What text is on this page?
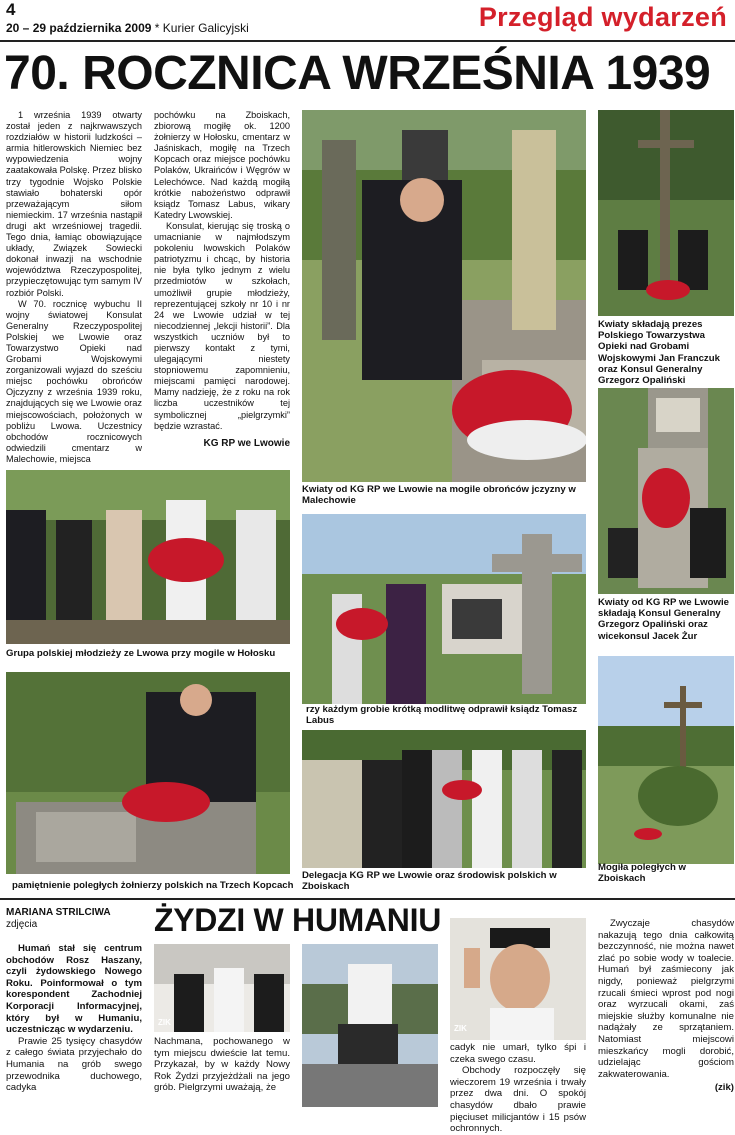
4
20 – 29 października 2009 * Kurier Galicyjski	Przegląd wydarzeń
70. ROCZNICA WRZEŚNIA 1939

1 września 1939 otwarty został jeden z najkrwawszych rozdziałów w historii ludzkości – armia hitlerowskich Niemiec bez wypowiedzenia wojny zaatakowała Polskę. Przez blisko trzy tygodnie Wojsko Polskie stawiało bohaterski opór przeważającym siłom niemieckim. 17 września nastąpił drugi akt wrześniowej tragedii. Tego dnia, łamiąc obowiązujące układy, Związek Sowiecki dokonał inwazji na wschodnie województwa Rzeczypospolitej, przypieczętowując tym samym IV rozbiór Polski.

W 70. rocznicę wybuchu II wojny światowej Konsulat Generalny Rzeczypospolitej Polskiej we Lwowie oraz Towarzystwo Opieki nad Grobami Wojskowymi zorganizowali wyjazd do sześciu miejsc pochówku obrońców Ojczyzny z września 1939 roku, znajdujących się we Lwowie oraz miejscowościach, położonych w pobliżu Lwowa. Uczestnicy obchodów rocznicowych odwiedzili cmentarz w Malechowie, miejsca

pochówku na Zboiskach, zbiorową mogiłę ok. 1200 żołnierzy w Hołosku, cmentarz w Jaśniskach, mogiłę na Trzech Kopcach oraz miejsce pochówku Polaków, Ukraińców i Węgrów w Lelechówce. Nad każdą mogiłą krótkie nabożeństwo odprawił ksiądz Tomasz Labus, wikary Katedry Lwowskiej.

Konsulat, kierując się troską o umacnianie w najmłodszym pokoleniu lwowskich Polaków patriotyzmu i chcąc, by historia nie była tylko jednym z wielu przedmiotów w szkołach, umożliwił grupie młodzieży, reprezentującej szkoły nr 10 i nr 24 we Lwowie udział w tej niecodziennej „lekcji historii”. Dla wszystkich uczniów był to pierwszy kontakt z tymi, ulegającymi niestety stopniowemu zapomnieniu, miejscami pamięci narodowej. Mamy nadzieję, że z roku na rok liczba uczestników tej symbolicznej „pielgrzymki” będzie wzrastać.

KG RP we Lwowie
Kwiaty od KG RP we Lwowie na mogile obrońców jczyzny w Malechowie
Kwiaty składają prezes Polskiego Towarzystwa Opieki nad Grobami Wojskowymi Jan Franczuk oraz Konsul Generalny Grzegorz Opaliński
Kwiaty od KG RP we Lwowie składają Konsul Generalny Grzegorz Opaliński oraz wicekonsul Jacek Żur
Grupa polskiej młodzieży ze Lwowa przy mogile w Hołosku
rzy każdym grobie krótką modlitwę odprawił ksiądz Tomasz Labus
Mogiła poległych w Zboiskach
pamiętnienie poległych żołnierzy polskich na Trzech Kopcach
Delegacja KG RP we Lwowie oraz środowisk polskich w Zboiskach
MARIANA STRILCIWA
zdjęcia	ŻYDZI W HUMANIU

Humań stał się centrum obchodów Rosz Haszany, czyli żydowskiego Nowego Roku. Poinformował o tym korespondent Zachodniej Korporacji Informacyjnej, który był w Humaniu, uczestnicząc w wydarzeniu.

Prawie 25 tysięcy chasydów z całego świata przyjechało do Humania na grób swego przewodnika duchowego, cadyka

ZIK

Nachmana, pochowanego w tym miejscu dwieście lat temu. Przykazał, by w każdy Nowy Rok Żydzi przyjeżdżali na jego grób. Pielgrzymi uważają, że

ZIK

cadyk nie umarł, tylko śpi i czeka swego czasu.

Obchody rozpoczęły się wieczorem 19 września i trwały przez dwa dni. O spokój chasydów dbało prawie pięciuset milicjantów i 15 psów ochronnych.

Zwyczaje chasydów nakazują tego dnia całkowitą bezczynność, nie można nawet zlać po sobie wody w toalecie. Humań był zaśmiecony jak nigdy, ponieważ pielgrzymi rzucali śmieci wprost pod nogi oraz wyrzucali okami, zaś miejskie służby komunalne nie nadążały ze sprzątaniem. Natomiast miejscowi mieszkańcy mogli dorobić, udzielając gościom zakwaterowania.

(zik)
